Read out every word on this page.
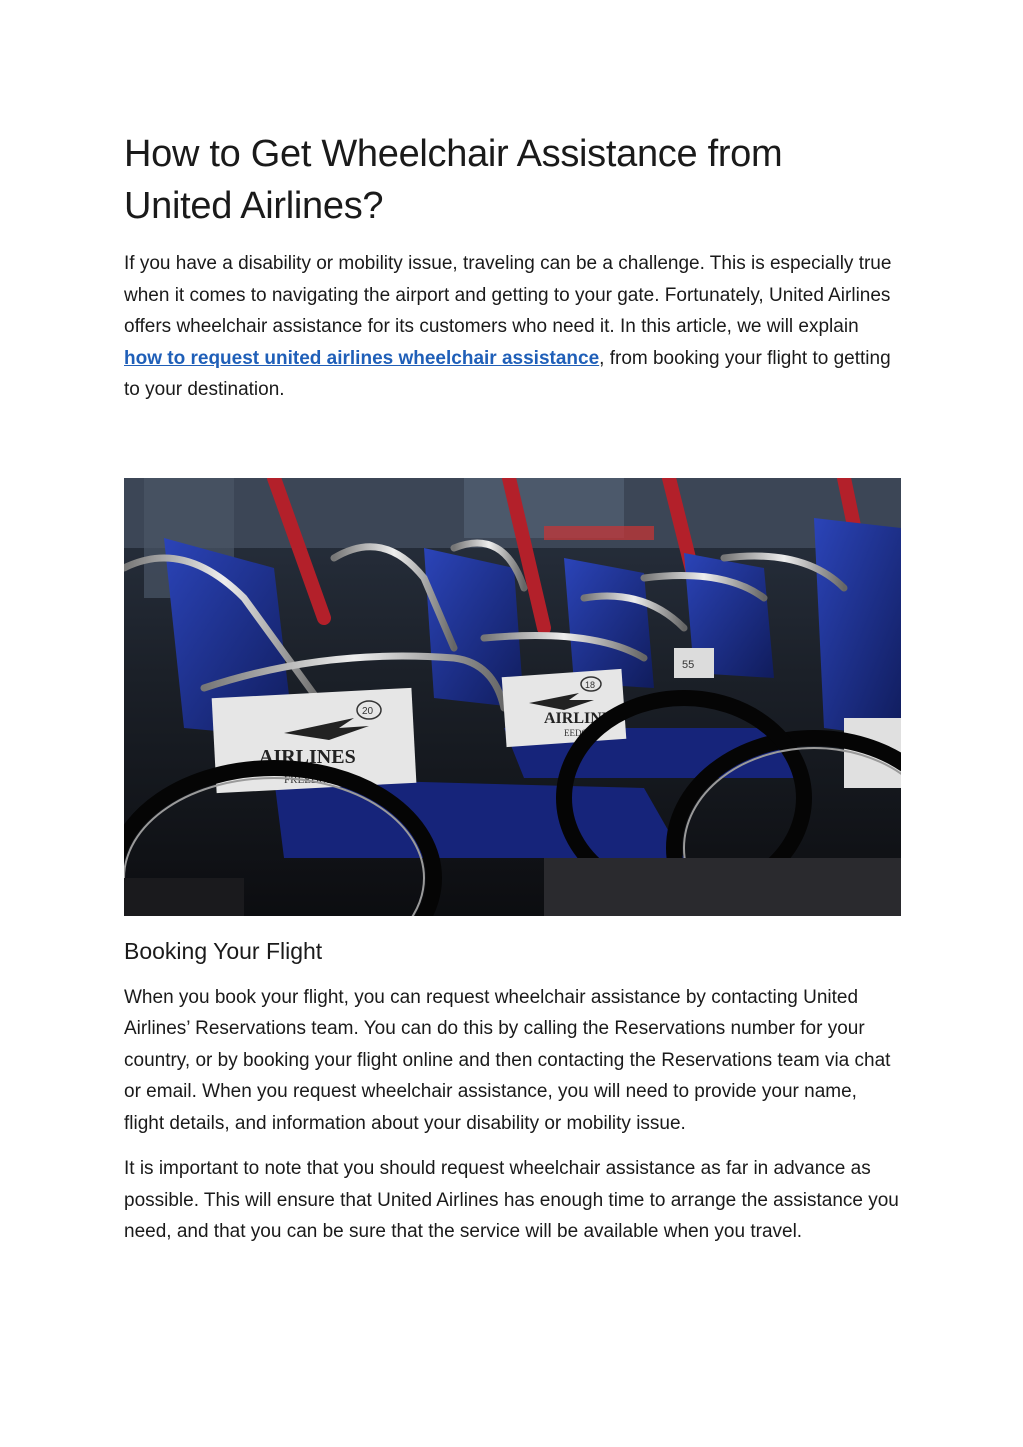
How to Get Wheelchair Assistance from United Airlines?

If you have a disability or mobility issue, traveling can be a challenge. This is especially true when it comes to navigating the airport and getting to your gate. Fortunately, United Airlines offers wheelchair assistance for its customers who need it. In this article, we will explain how to request united airlines wheelchair assistance, from booking your flight to getting to your destination.

AIRLINES
FREEDOM
20	AIRLINES
EEDOM
18
55
Booking Your Flight

When you book your flight, you can request wheelchair assistance by contacting United Airlines’ Reservations team. You can do this by calling the Reservations number for your country, or by booking your flight online and then contacting the Reservations team via chat or email. When you request wheelchair assistance, you will need to provide your name, flight details, and information about your disability or mobility issue.

It is important to note that you should request wheelchair assistance as far in advance as possible. This will ensure that United Airlines has enough time to arrange the assistance you need, and that you can be sure that the service will be available when you travel.
